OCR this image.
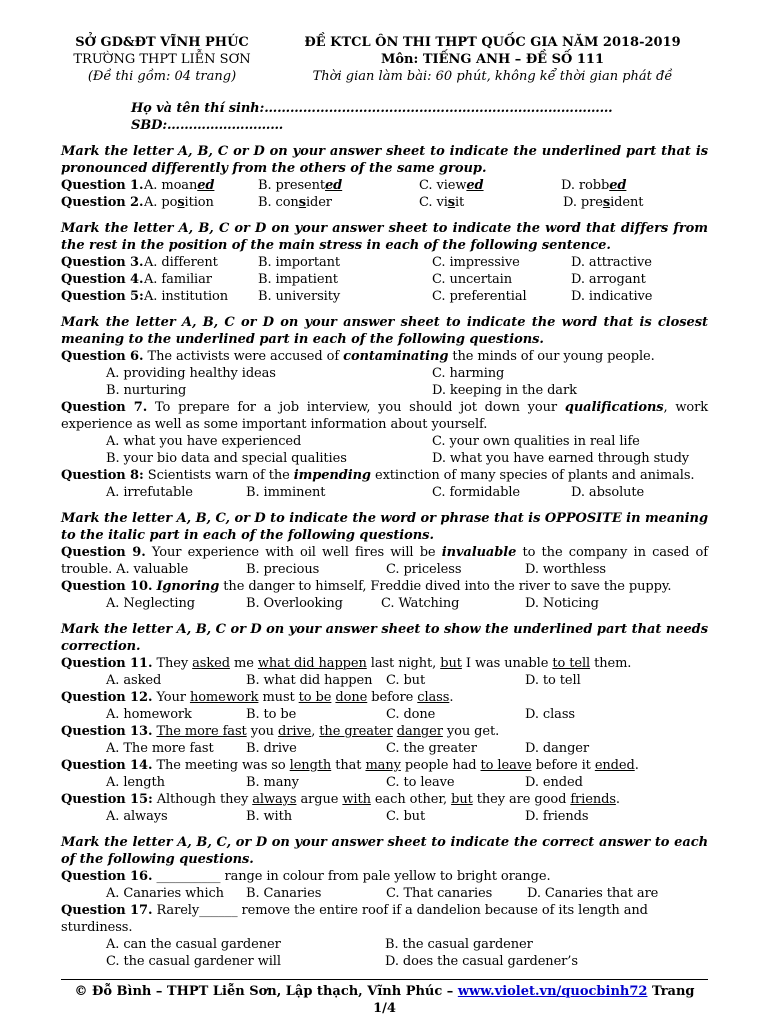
SỞ GD&ĐT VĨNH PHÚC
TRƯỜNG THPT LIỄN SƠN
(Đề thi gồm: 04 trang)
ĐỀ KTCL ÔN THI THPT QUỐC GIA NĂM 2018-2019
Môn: TIẾNG ANH – ĐỀ SỐ 111
Thời gian làm bài: 60 phút, không kể thời gian phát đề
Họ và tên thí sinh:……………………………………………………………………… SBD:………………………
Mark the letter A, B, C or D on your answer sheet to indicate the underlined part that is pronounced differently from the others of the same group.
Question 1. A. moaned	B. presented	C. viewed	D. robbed
Question 2. A. position	B. consider	C. visit	D. president
Mark the letter A, B, C or D on your answer sheet to indicate the word that differs from the rest in the position of the main stress in each of the following sentence.
Question 3. A. different	B. important	C. impressive	D. attractive
Question 4. A. familiar	B. impatient	C. uncertain	D. arrogant
Question 5: A. institution B. university	C. preferential	D. indicative
Mark the letter A, B, C or D on your answer sheet to indicate the word that is closest meaning to the underlined part in each of the following questions.
Question 6. The activists were accused of contaminating the minds of our young people.
A. providing healthy ideas	C. harming
B. nurturing	D. keeping in the dark
Question 7. To prepare for a job interview, you should jot down your qualifications, work experience as well as some important information about yourself.
A. what you have experienced	C. your own qualities in real life
B. your bio data and special qualities	D. what you have earned through study
Question 8: Scientists warn of the impending extinction of many species of plants and animals.
A. irrefutable	B. imminent	C. formidable	D. absolute
Mark the letter A, B, C, or D to indicate the word or phrase that is OPPOSITE in meaning to the italic part in each of the following questions.
Question 9. Your experience with oil well fires will be invaluable to the company in cased of trouble. A. valuable	B. precious	C. priceless	D. worthless
Question 10. Ignoring the danger to himself, Freddie dived into the river to save the puppy.
A. Neglecting	B. Overlooking	C. Watching	D. Noticing
Mark the letter A, B, C or D on your answer sheet to show the underlined part that needs correction.
Question 11. They asked me what did happen last night, but I was unable to tell them.
A. asked	B. what did happen C. but	D. to tell
Question 12. Your homework must to be done before class.
A. homework	B. to be	C. done	D. class
Question 13. The more fast you drive, the greater danger you get.
A. The more fast B. drive	C. the greater	D. danger
Question 14. The meeting was so length that many people had to leave before it ended.
A. length	B. many	C. to leave	D. ended
Question 15: Although they always argue with each other, but they are good friends.
A. always	B. with	C. but	D. friends
Mark the letter A, B, C, or D on your answer sheet to indicate the correct answer to each of the following questions.
Question 16. __________ range in colour from pale yellow to bright orange.
A. Canaries which B. Canaries	C. That canaries	D. Canaries that are
Question 17. Rarely______ remove the entire roof if a dandelion because of its length and sturdiness.
A. can the casual gardener	B. the casual gardener
C. the casual gardener will	D. does the casual gardener’s
© Đỗ Bình – THPT Liễn Sơn, Lập thạch, Vĩnh Phúc – www.violet.vn/quocbinh72 Trang 1/4
